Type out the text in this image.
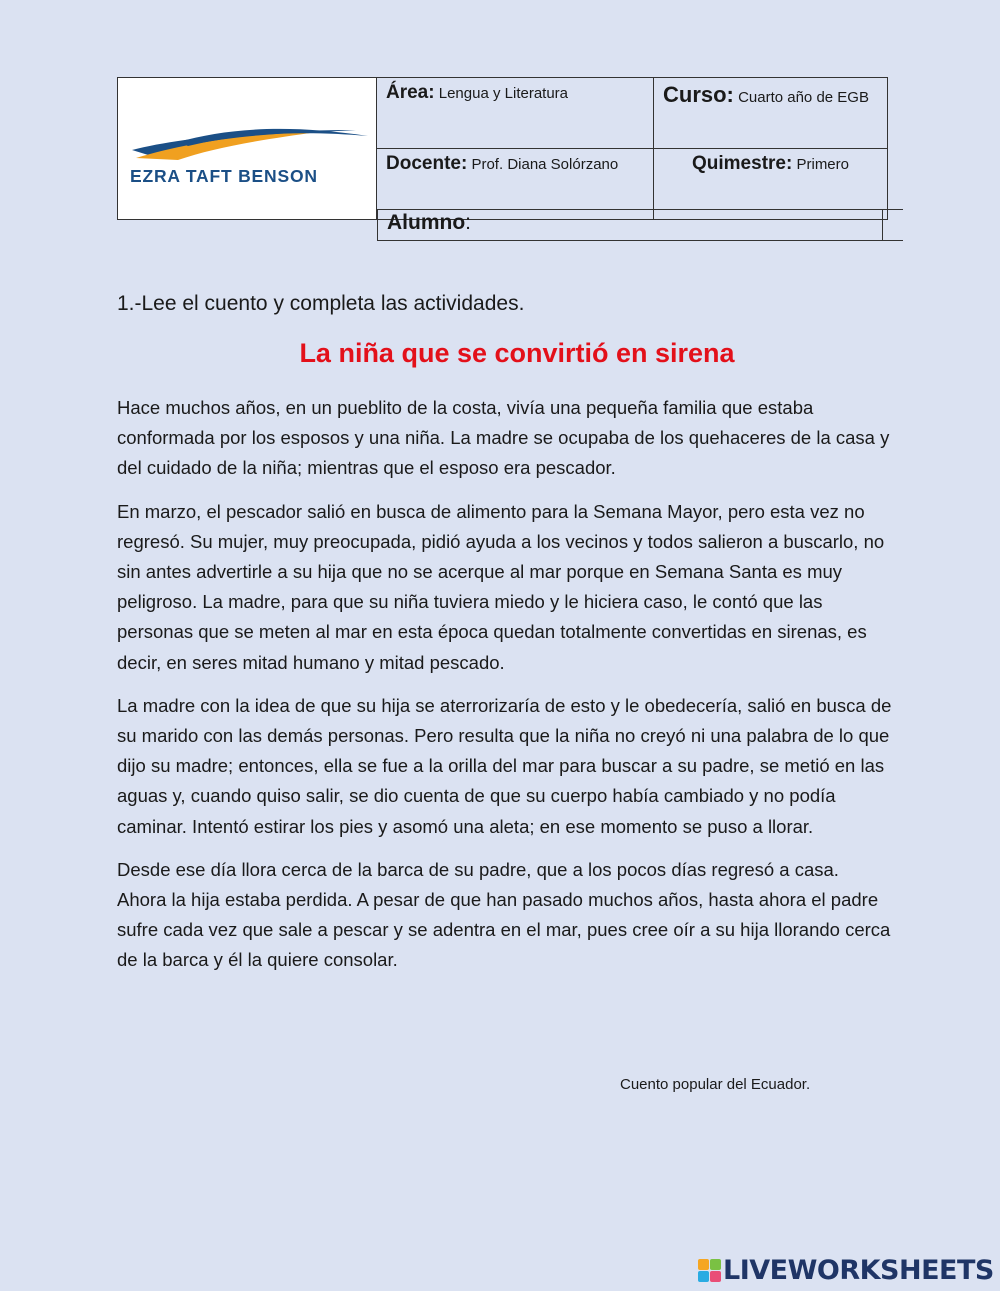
EZRA TAFT BENSON	Área: Lengua y Literatura	Curso: Cuarto año de EGB
	Docente: Prof. Diana Solórzano	Quimestre: Primero
Alumno:

1.-Lee el cuento y completa las actividades.

La niña que se convirtió en sirena

Hace muchos años, en un pueblito de la costa, vivía una pequeña familia que estaba conformada por los esposos y una niña. La madre se ocupaba de los quehaceres de la casa y del cuidado de la niña; mientras que el esposo era pescador.

En marzo, el pescador salió en busca de alimento para la Semana Mayor, pero esta vez no regresó. Su mujer, muy preocupada, pidió ayuda a los vecinos y todos salieron a buscarlo, no sin antes advertirle a su hija que no se acerque al mar porque en Semana Santa es muy peligroso. La madre, para que su niña tuviera miedo y le hiciera caso, le contó que las personas que se meten al mar en esta época quedan totalmente convertidas en sirenas, es decir, en seres mitad humano y mitad pescado.

La madre con la idea de que su hija se aterrorizaría de esto y le obedecería, salió en busca de su marido con las demás personas. Pero resulta que la niña no creyó ni una palabra de lo que dijo su madre; entonces, ella se fue a la orilla del mar para buscar a su padre, se metió en las aguas y, cuando quiso salir, se dio cuenta de que su cuerpo había cambiado y no podía caminar. Intentó estirar los pies y asomó una aleta; en ese momento se puso a llorar.

Desde ese día llora cerca de la barca de su padre, que a los pocos días regresó a casa. Ahora la hija estaba perdida. A pesar de que han pasado muchos años, hasta ahora el padre sufre cada vez que sale a pescar y se adentra en el mar, pues cree oír a su hija llorando cerca de la barca y él la quiere consolar.

Cuento popular del Ecuador.
LIVEWORKSHEETS
